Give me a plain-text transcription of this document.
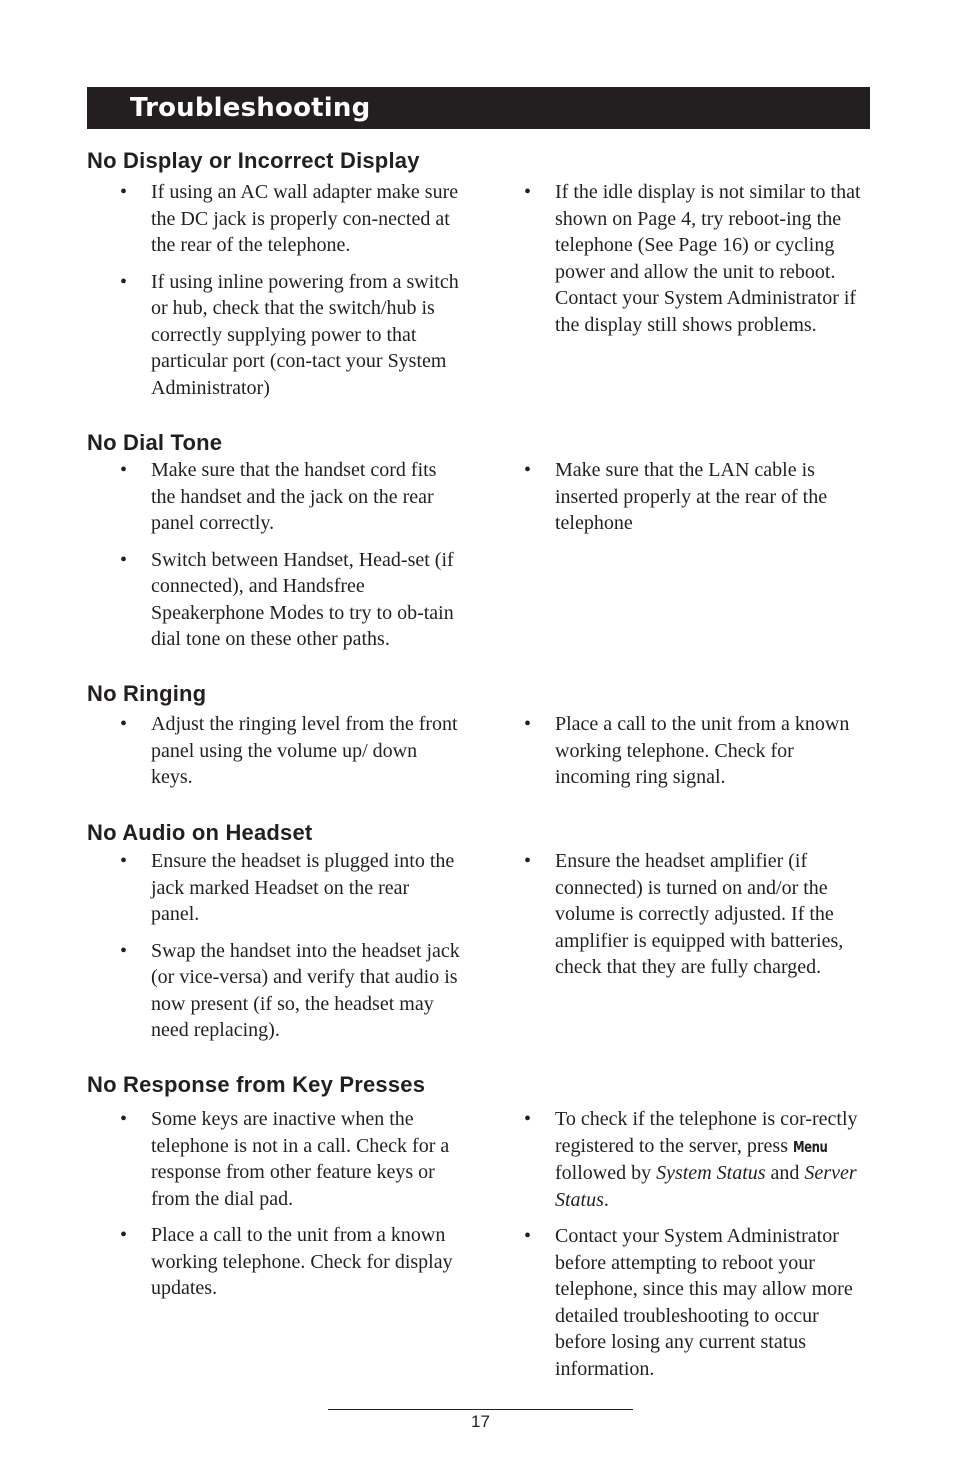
Troubleshooting
No Display or Incorrect Display
• If using an AC wall adapter make sure the DC jack is properly con-nected at the rear of the telephone.
• If using inline powering from a switch or hub, check that the switch/hub is correctly supplying power to that particular port (con-tact your System Administrator)
• If the idle display is not similar to that shown on Page 4, try reboot-ing the telephone (See Page 16) or cycling power and allow the unit to reboot. Contact your System Administrator if the display still shows problems.
No Dial Tone
• Make sure that the handset cord fits the handset and the jack on the rear panel correctly.
• Switch between Handset, Head-set (if connected), and Handsfree Speakerphone Modes to try to ob-tain dial tone on these other paths.
• Make sure that the LAN cable is inserted properly at the rear of the telephone
No Ringing
• Adjust the ringing level from the front panel using the volume up/ down keys.
• Place a call to the unit from a known working telephone. Check for incoming ring signal.
No Audio on Headset
• Ensure the headset is plugged into the jack marked Headset on the rear panel.
• Swap the handset into the headset jack (or vice-versa) and verify that audio is now present (if so, the headset may need replacing).
• Ensure the headset amplifier (if connected) is turned on and/or the volume is correctly adjusted. If the amplifier is equipped with batteries, check that they are fully charged.
No Response from Key Presses
• Some keys are inactive when the telephone is not in a call. Check for a response from other feature keys or from the dial pad.
• Place a call to the unit from a known working telephone. Check for display updates.
• To check if the telephone is cor-rectly registered to the server, press Menu followed by System Status and Server Status.
• Contact your System Administrator before attempting to reboot your telephone, since this may allow more detailed troubleshooting to occur before losing any current status information.
17
